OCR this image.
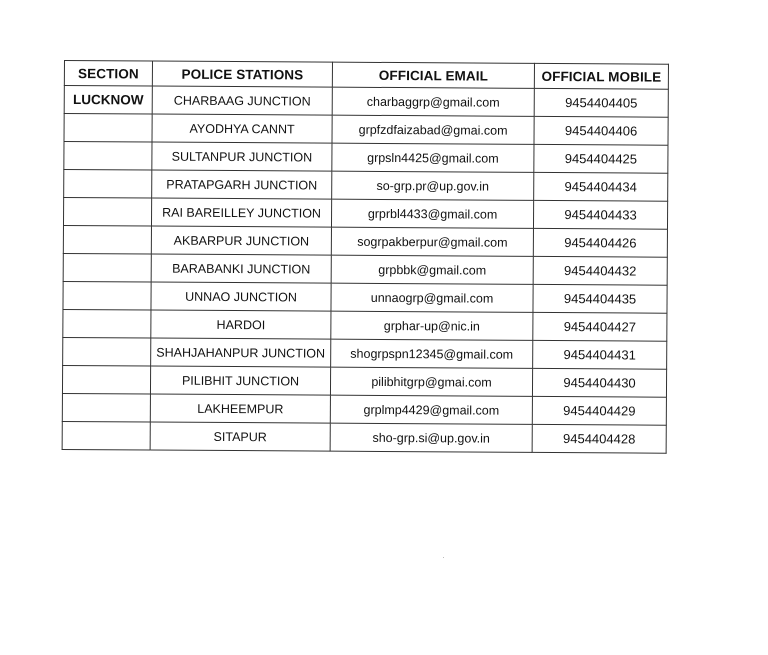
SECTION	POLICE STATIONS	OFFICIAL EMAIL	OFFICIAL MOBILE
LUCKNOW	CHARBAAG JUNCTION	charbaggrp@gmail.com	9454404405
	AYODHYA CANNT	grpfzdfaizabad@gmai.com	9454404406
	SULTANPUR JUNCTION	grpsln4425@gmail.com	9454404425
	PRATAPGARH JUNCTION	so-grp.pr@up.gov.in	9454404434
	RAI BAREILLEY JUNCTION	grprbl4433@gmail.com	9454404433
	AKBARPUR JUNCTION	sogrpakberpur@gmail.com	9454404426
	BARABANKI JUNCTION	grpbbk@gmail.com	9454404432
	UNNAO JUNCTION	unnaogrp@gmail.com	9454404435
	HARDOI	grphar-up@nic.in	9454404427
	SHAHJAHANPUR JUNCTION	shogrpspn12345@gmail.com	9454404431
	PILIBHIT JUNCTION	pilibhitgrp@gmai.com	9454404430
	LAKHEEMPUR	grplmp4429@gmail.com	9454404429
	SITAPUR	sho-grp.si@up.gov.in	9454404428
